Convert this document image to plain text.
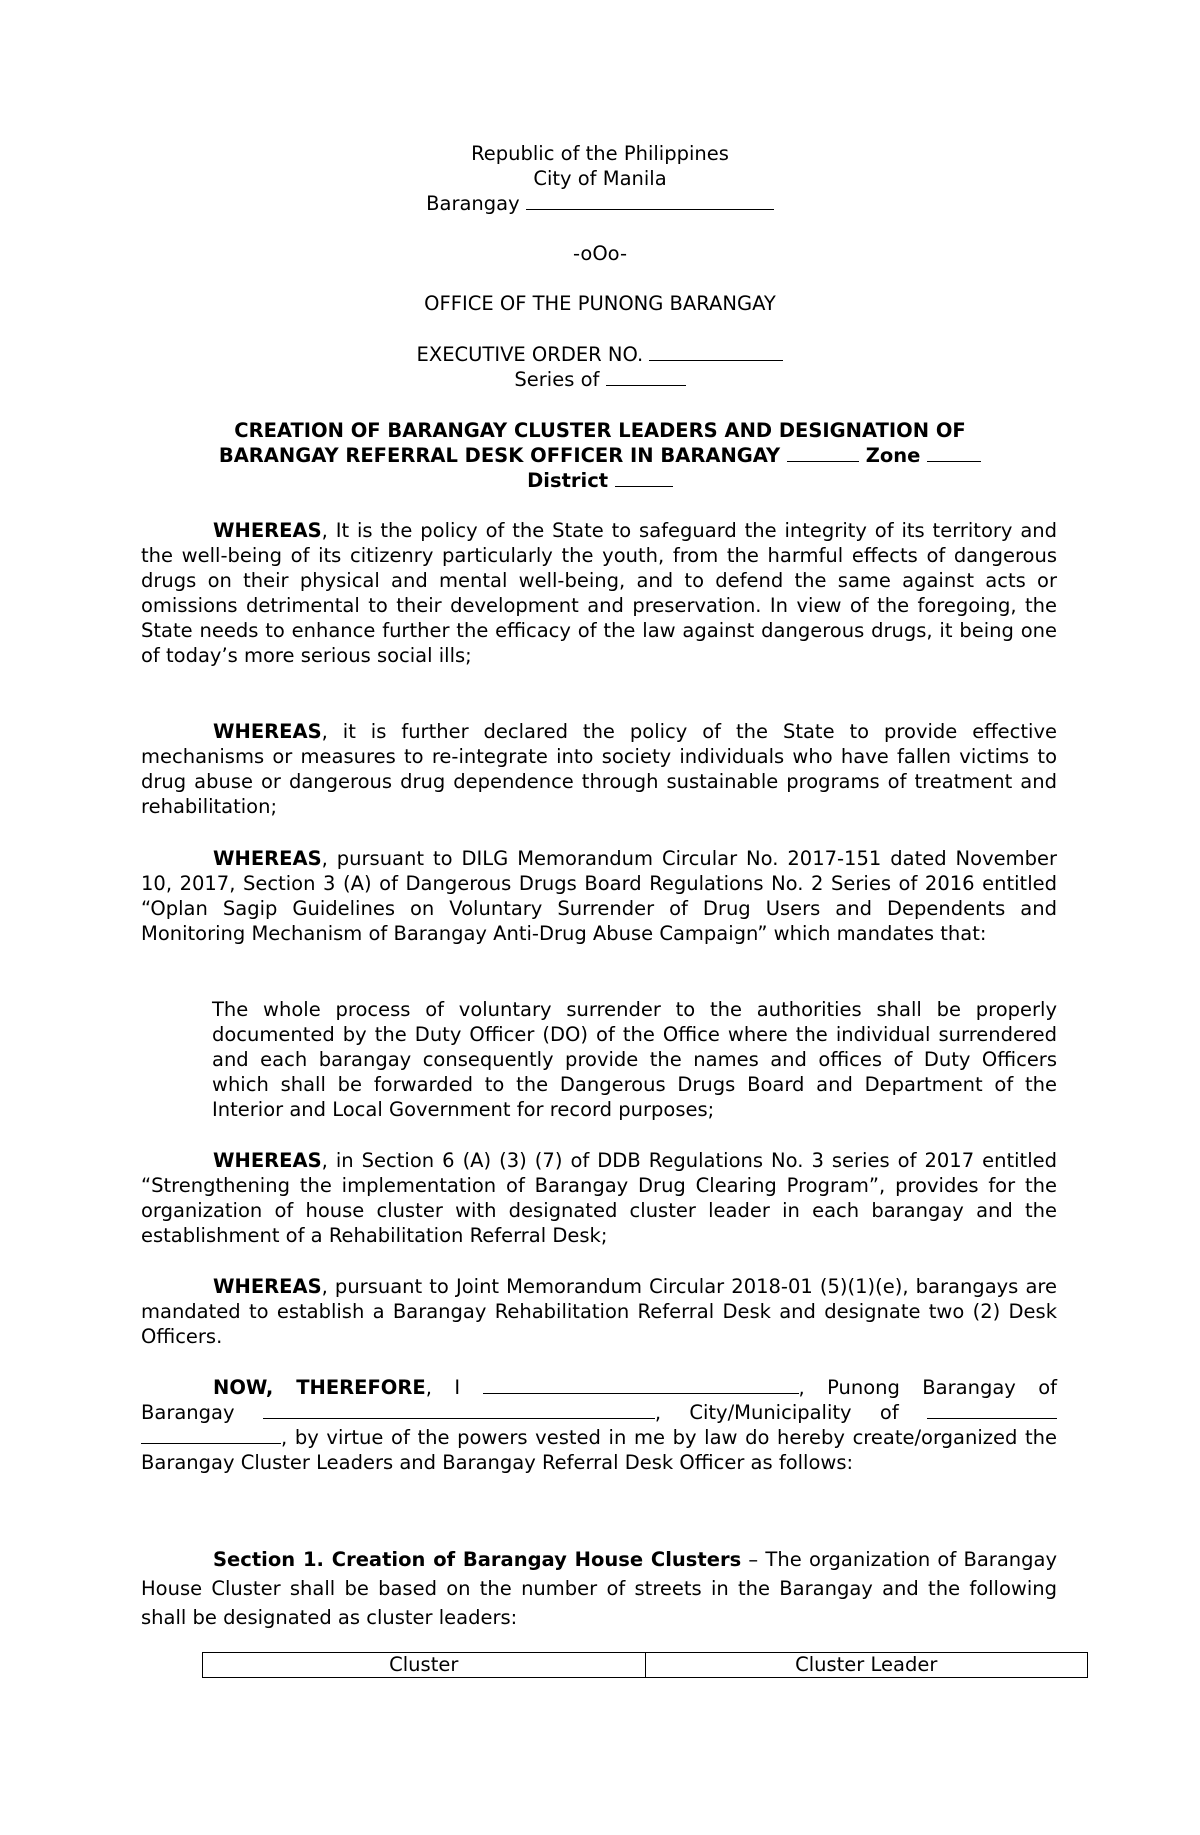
Republic of the Philippines
City of Manila
Barangay
-oOo-
OFFICE OF THE PUNONG BARANGAY
EXECUTIVE ORDER NO.
Series of
CREATION OF BARANGAY CLUSTER LEADERS AND DESIGNATION OF
BARANGAY REFERRAL DESK OFFICER IN BARANGAY	Zone
District

WHEREAS, It is the policy of the State to safeguard the integrity of its territory and the well-being of its citizenry particularly the youth, from the harmful effects of dangerous drugs on their physical and mental well-being, and to defend the same against acts or omissions detrimental to their development and preservation. In view of the foregoing, the State needs to enhance further the efficacy of the law against dangerous drugs, it being one of today’s more serious social ills;

WHEREAS, it is further declared the policy of the State to provide effective mechanisms or measures to re-integrate into society individuals who have fallen victims to drug abuse or dangerous drug dependence through sustainable programs of treatment and rehabilitation;

WHEREAS, pursuant to DILG Memorandum Circular No. 2017-151 dated November 10, 2017, Section 3 (A) of Dangerous Drugs Board Regulations No. 2 Series of 2016 entitled “Oplan Sagip Guidelines on Voluntary Surrender of Drug Users and Dependents and Monitoring Mechanism of Barangay Anti-Drug Abuse Campaign” which mandates that:

The whole process of voluntary surrender to the authorities shall be properly documented by the Duty Officer (DO) of the Office where the individual surrendered and each barangay consequently provide the names and offices of Duty Officers which shall be forwarded to the Dangerous Drugs Board and Department of the Interior and Local Government for record purposes;

WHEREAS, in Section 6 (A) (3) (7) of DDB Regulations No. 3 series of 2017 entitled “Strengthening the implementation of Barangay Drug Clearing Program”, provides for the organization of house cluster with designated cluster leader in each barangay and the establishment of a Rehabilitation Referral Desk;

WHEREAS, pursuant to Joint Memorandum Circular 2018-01 (5)(1)(e), barangays are mandated to establish a Barangay Rehabilitation Referral Desk and designate two (2) Desk Officers.

NOW, THEREFORE, I	, Punong Barangay of Barangay	, City/Municipality of  , by virtue of the powers vested in me by law do hereby create/organized the Barangay Cluster Leaders and Barangay Referral Desk Officer as follows:

Section 1. Creation of Barangay House Clusters – The organization of Barangay House Cluster shall be based on the number of streets in the Barangay and the following shall be designated as cluster leaders:

Cluster	Cluster Leader
